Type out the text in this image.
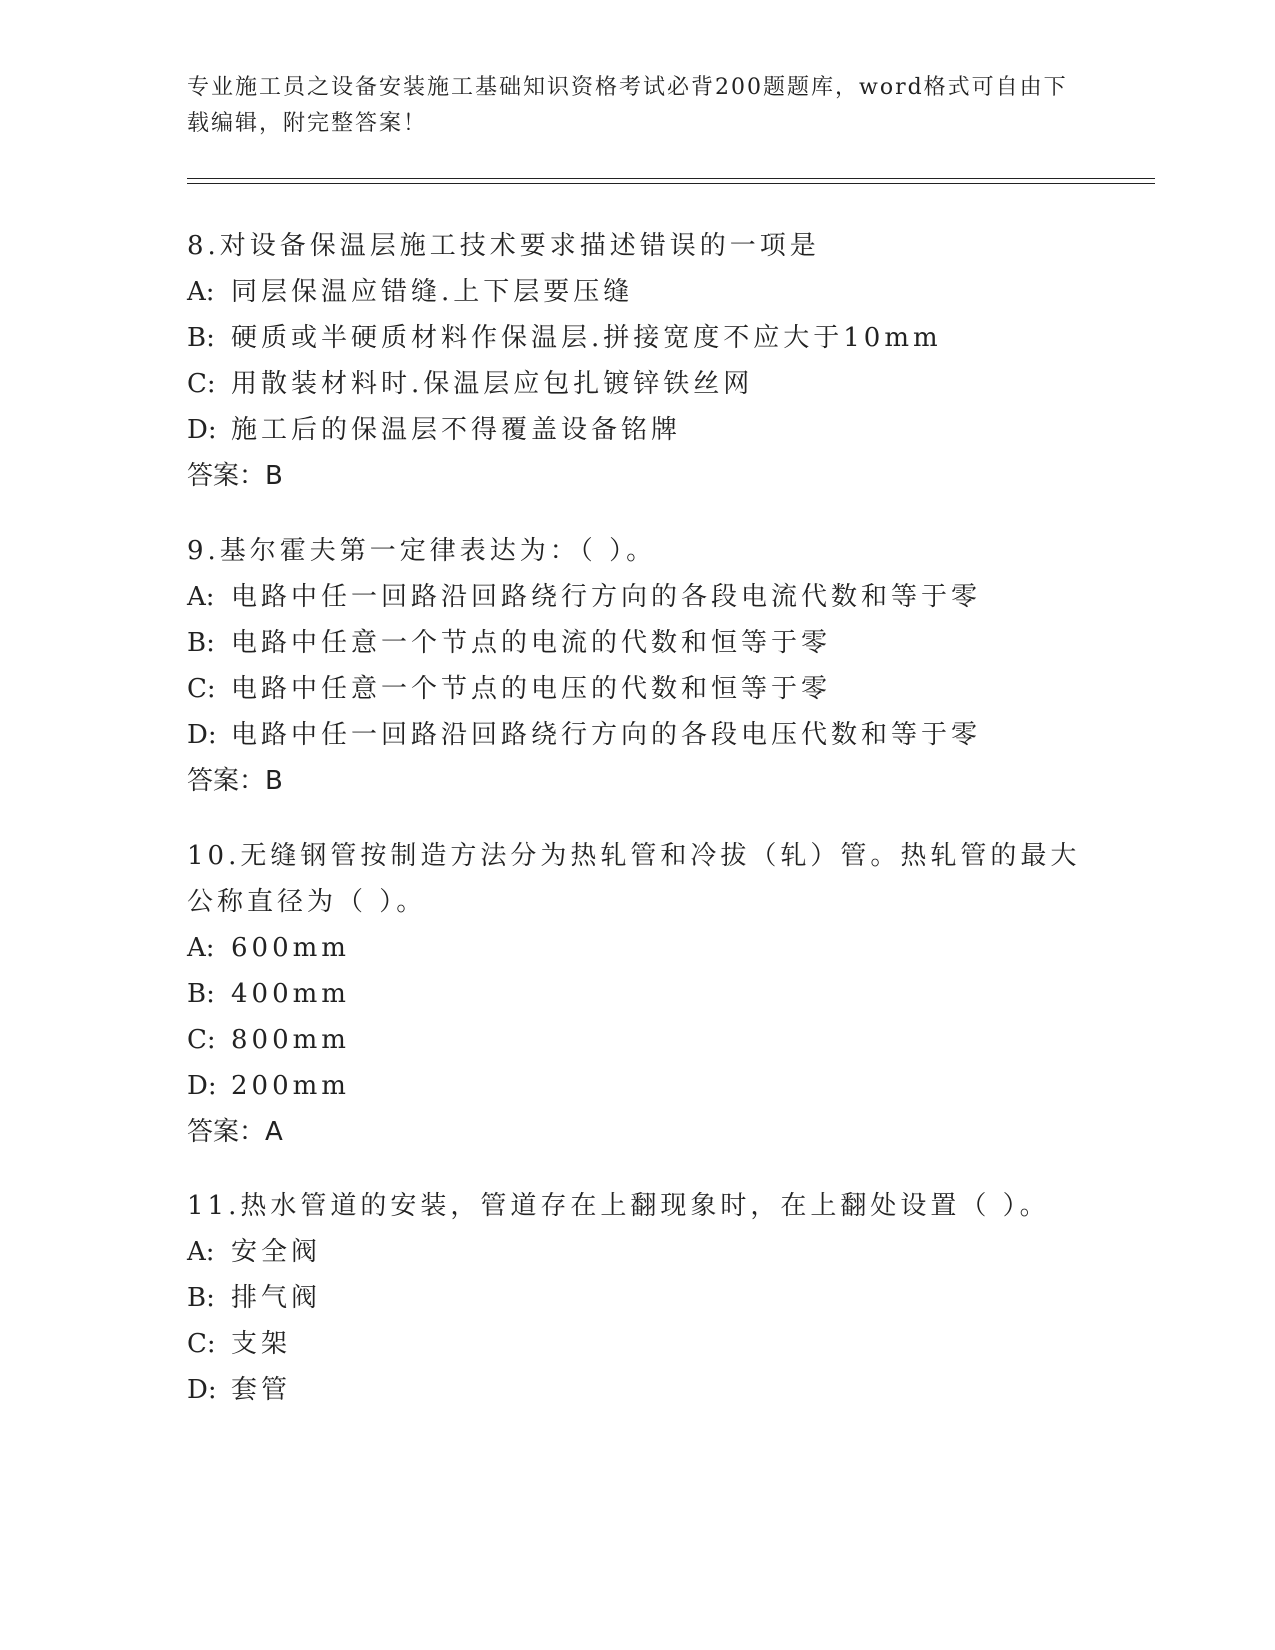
专业施工员之设备安装施工基础知识资格考试必背200题题库，word格式可自由下载编辑，附完整答案！

8.对设备保温层施工技术要求描述错误的一项是

A: 同层保温应错缝.上下层要压缝

B: 硬质或半硬质材料作保温层.拼接宽度不应大于10mm

C: 用散装材料时.保温层应包扎镀锌铁丝网

D: 施工后的保温层不得覆盖设备铭牌

答案：B

9.基尔霍夫第一定律表达为：（ ）。

A: 电路中任一回路沿回路绕行方向的各段电流代数和等于零

B: 电路中任意一个节点的电流的代数和恒等于零

C: 电路中任意一个节点的电压的代数和恒等于零

D: 电路中任一回路沿回路绕行方向的各段电压代数和等于零

答案：B

10.无缝钢管按制造方法分为热轧管和冷拔（轧）管。热轧管的最大公称直径为（ ）。

A: 600mm

B: 400mm

C: 800mm

D: 200mm

答案：A

11.热水管道的安装，管道存在上翻现象时，在上翻处设置（ ）。

A: 安全阀

B: 排气阀

C: 支架

D: 套管
